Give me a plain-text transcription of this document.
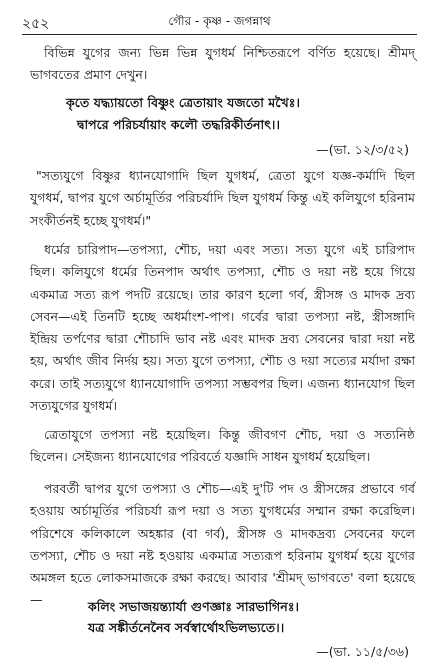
২৫২	গৌর - কৃষ্ণ - জগন্নাথ

বিভিন্ন যুগের জন্য ভিন্ন ভিন্ন যুগধর্ম নিশ্চিতরূপে বর্ণিত হয়েছে। শ্রীমদ্ ভাগবতের প্রমাণ দেখুন।

কৃতে যদ্ধ্যায়তো বিষ্ণুং ত্রেতায়াং যজতো মখৈঃ।

দ্বাপরে পরিচর্যায়াং কলৌ তদ্ধরিকীর্তনাৎ।।

—(ভা. ১২/৩/৫২)

"সত্যযুগে বিষ্ণুর ধ্যানযোগাদি ছিল যুগধর্ম, ত্রেতা যুগে যজ্ঞ-কর্মাদি ছিল যুগধর্ম, দ্বাপর যুগে অর্চামূর্তির পরিচর্যাদি ছিল যুগধর্ম কিন্তু এই কলিযুগে হরিনাম সংকীর্তনই হচ্ছে যুগধর্ম।"

ধর্মের চারিপাদ—তপস্যা, শৌচ, দয়া এবং সত্য। সত্য যুগে এই চারিপাদ ছিল। কলিযুগে ধর্মের তিনপাদ অর্থাৎ তপস্যা, শৌচ ও দয়া নষ্ট হয়ে গিয়ে একমাত্র সত্য রূপ পদটি রয়েছে। তার কারণ হলো গর্ব, স্ত্রীসঙ্গ ও মাদক দ্রব্য সেবন—এই তিনটি হচ্ছে অধর্মাংশ-পাপ। গর্বের দ্বারা তপস্যা নষ্ট, স্ত্রীসঙ্গাদি ইন্দ্রিয় তর্পণের দ্বারা শৌচাদি ভাব নষ্ট এবং মাদক দ্রব্য সেবনের দ্বারা দয়া নষ্ট হয়, অর্থাৎ জীব নির্দয় হয়। সত্য যুগে তপস্যা, শৌচ ও দয়া সত্যের মর্যাদা রক্ষা করে। তাই সত্যযুগে ধ্যানযোগাদি তপস্যা সম্ভবপর ছিল। এজন্য ধ্যানযোগ ছিল সত্যযুগের যুগধর্ম।

ত্রেতাযুগে তপস্যা নষ্ট হয়েছিল। কিন্তু জীবগণ শৌচ, দয়া ও সত্যনিষ্ঠ ছিলেন। সেইজন্য ধ্যানযোগের পরিবর্তে যজ্ঞাদি সাধন যুগধর্ম হয়েছিল।

পরবর্তী দ্বাপর যুগে তপস্যা ও শৌচ—এই দু'টি পদ ও স্ত্রীসঙ্গের প্রভাবে গর্ব হওয়ায় অর্চামূর্তির পরিচর্যা রূপ দয়া ও সত্য যুগধর্মের সম্মান রক্ষা করেছিল। পরিশেষে কলিকালে অহঙ্কার (বা গর্ব), স্ত্রীসঙ্গ ও মাদকদ্রব্য সেবনের ফলে তপস্যা, শৌচ ও দয়া নষ্ট হওয়ায় একমাত্র সত্যরূপ হরিনাম যুগধর্ম হয়ে যুগের অমঙ্গল হতে লোকসমাজকে রক্ষা করছে। আবার 'শ্রীমদ্ ভাগবতে' বলা হয়েছে—	কলিং সভাজয়ন্ত্যার্যা গুণজ্ঞাঃ সারভাগিনঃ।

যত্র সঙ্কীর্তনেনৈব সর্বস্বার্থোঽভিলভ্যতে।।

—(ভা. ১১/৫/৩৬)
